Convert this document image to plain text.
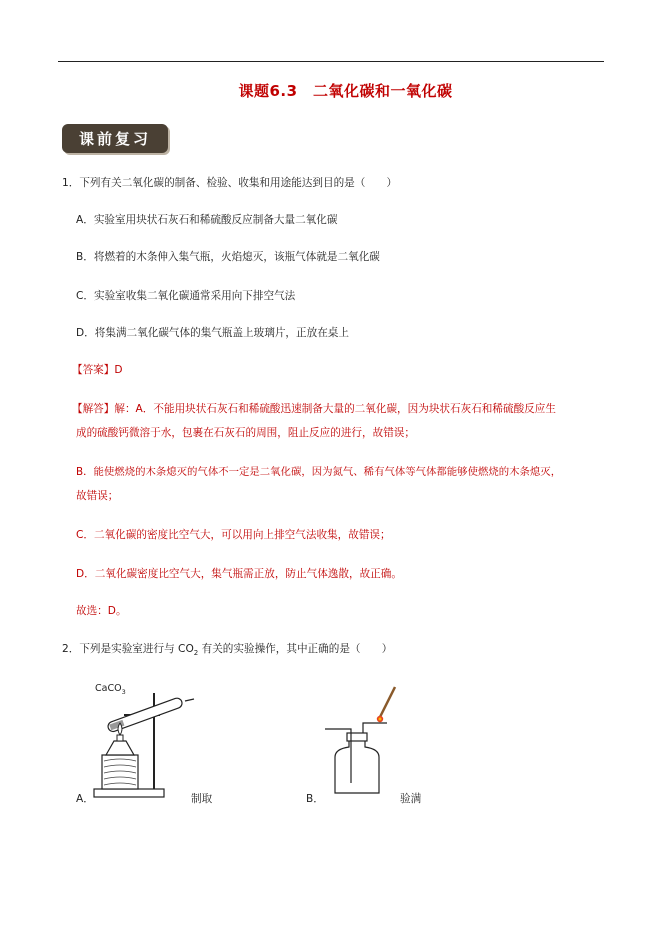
课题6.3　二氧化碳和一氧化碳
课前复习
1．下列有关二氧化碳的制备、检验、收集和用途能达到目的是（　　）
A．实验室用块状石灰石和稀硫酸反应制备大量二氧化碳
B．将燃着的木条伸入集气瓶，火焰熄灭，该瓶气体就是二氧化碳
C．实验室收集二氧化碳通常采用向下排空气法
D．将集满二氧化碳气体的集气瓶盖上玻璃片，正放在桌上
【答案】D
【解答】解：A．不能用块状石灰石和稀硫酸迅速制备大量的二氧化碳，因为块状石灰石和稀硫酸反应生
成的硫酸钙微溶于水，包裹在石灰石的周围，阻止反应的进行，故错误；
B．能使燃烧的木条熄灭的气体不一定是二氧化碳，因为氮气、稀有气体等气体都能够使燃烧的木条熄灭，
故错误；
C．二氧化碳的密度比空气大，可以用向上排空气法收集，故错误；
D．二氧化碳密度比空气大，集气瓶需正放，防止气体逸散，故正确。
故选：D。
2．下列是实验室进行与 $CO_2$ 有关的实验操作，其中正确的是（　　）
CaCO$_3$
A．	制取	B．	验满
